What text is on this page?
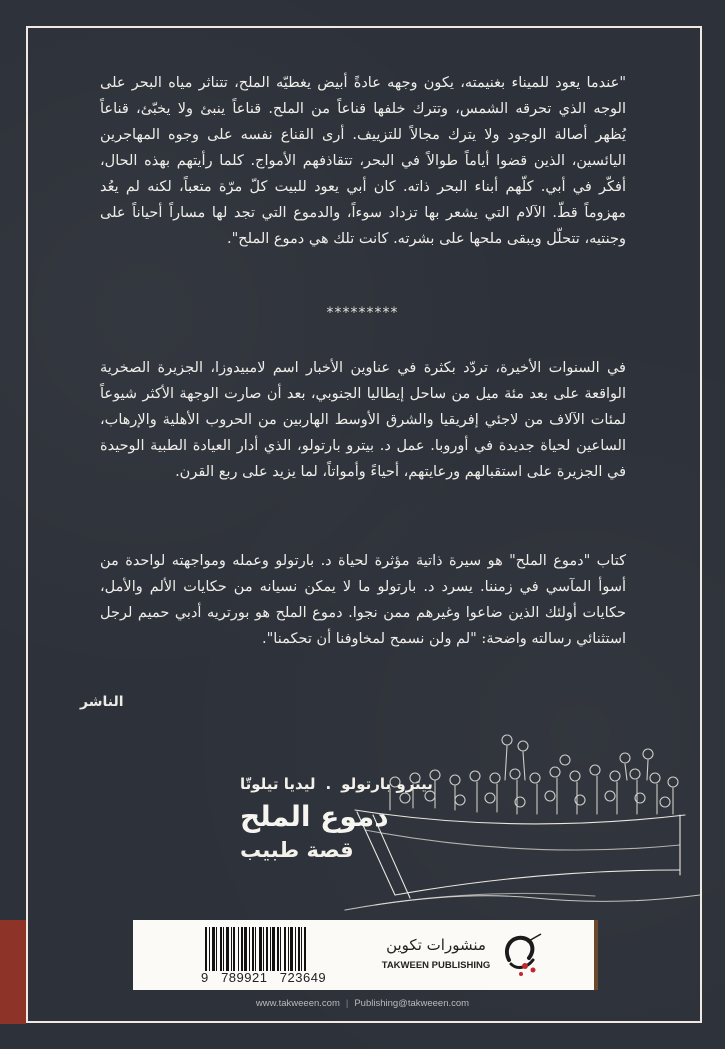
"عندما يعود للميناء بغنيمته، يكون وجهه عادةً أبيض يغطيّه الملح، تتناثر مياه البحر على الوجه الذي تحرقه الشمس، وتترك خلفها قناعاً من الملح. قناعاً ينبئ ولا يخبّئ، قناعاً يُظهر أصالة الوجود ولا يترك مجالاً للتزييف. أرى القناع نفسه على وجوه المهاجرين اليائسين، الذين قضوا أياماً طوالاً في البحر، تتقاذفهم الأمواج. كلما رأيتهم بهذه الحال، أفكّر في أبي. كلّهم أبناء البحر ذاته. كان أبي يعود للبيت كلّ مرّة متعباً، لكنه لم يعُد مهزوماً قطّ. الآلام التي يشعر بها تزداد سوءاً، والدموع التي تجد لها مساراً أحياناً على وجنتيه، تتحلّل ويبقى ملحها على بشرته. كانت تلك هي دموع الملح".
*********
في السنوات الأخيرة، تردّد بكثرة في عناوين الأخبار اسم لامبيدوزا، الجزيرة الصخرية الواقعة على بعد مئة ميل من ساحل إيطاليا الجنوبي، بعد أن صارت الوجهة الأكثر شيوعاً لمئات الآلاف من لاجئي إفريقيا والشرق الأوسط الهاربين من الحروب الأهلية والإرهاب، الساعين لحياة جديدة في أوروبا. عمل د. بيترو بارتولو، الذي أدار العيادة الطبية الوحيدة في الجزيرة على استقبالهم ورعايتهم، أحياءً وأمواتاً، لما يزيد على ربع القرن.
كتاب "دموع الملح" هو سيرة ذاتية مؤثرة لحياة د. بارتولو وعمله ومواجهته لواحدة من أسوأ المآسي في زمننا. يسرد د. بارتولو ما لا يمكن نسيانه من حكايات الألم والأمل، حكايات أولئك الذين ضاعوا وغيرهم ممن نجوا. دموع الملح هو بورتريه أدبي حميم لرجل استثنائي رسالته واضحة: "لم ولن نسمح لمخاوفنا أن تحكمنا".
الناشر
بيترو بارتولو.ليديا تيلوتّا
دموع الملح
قصة طبيب
9   789921   723649
منشورات تكوين
TAKWEEN PUBLISHING
www.takweeen.com | Publishing@takweeen.com
